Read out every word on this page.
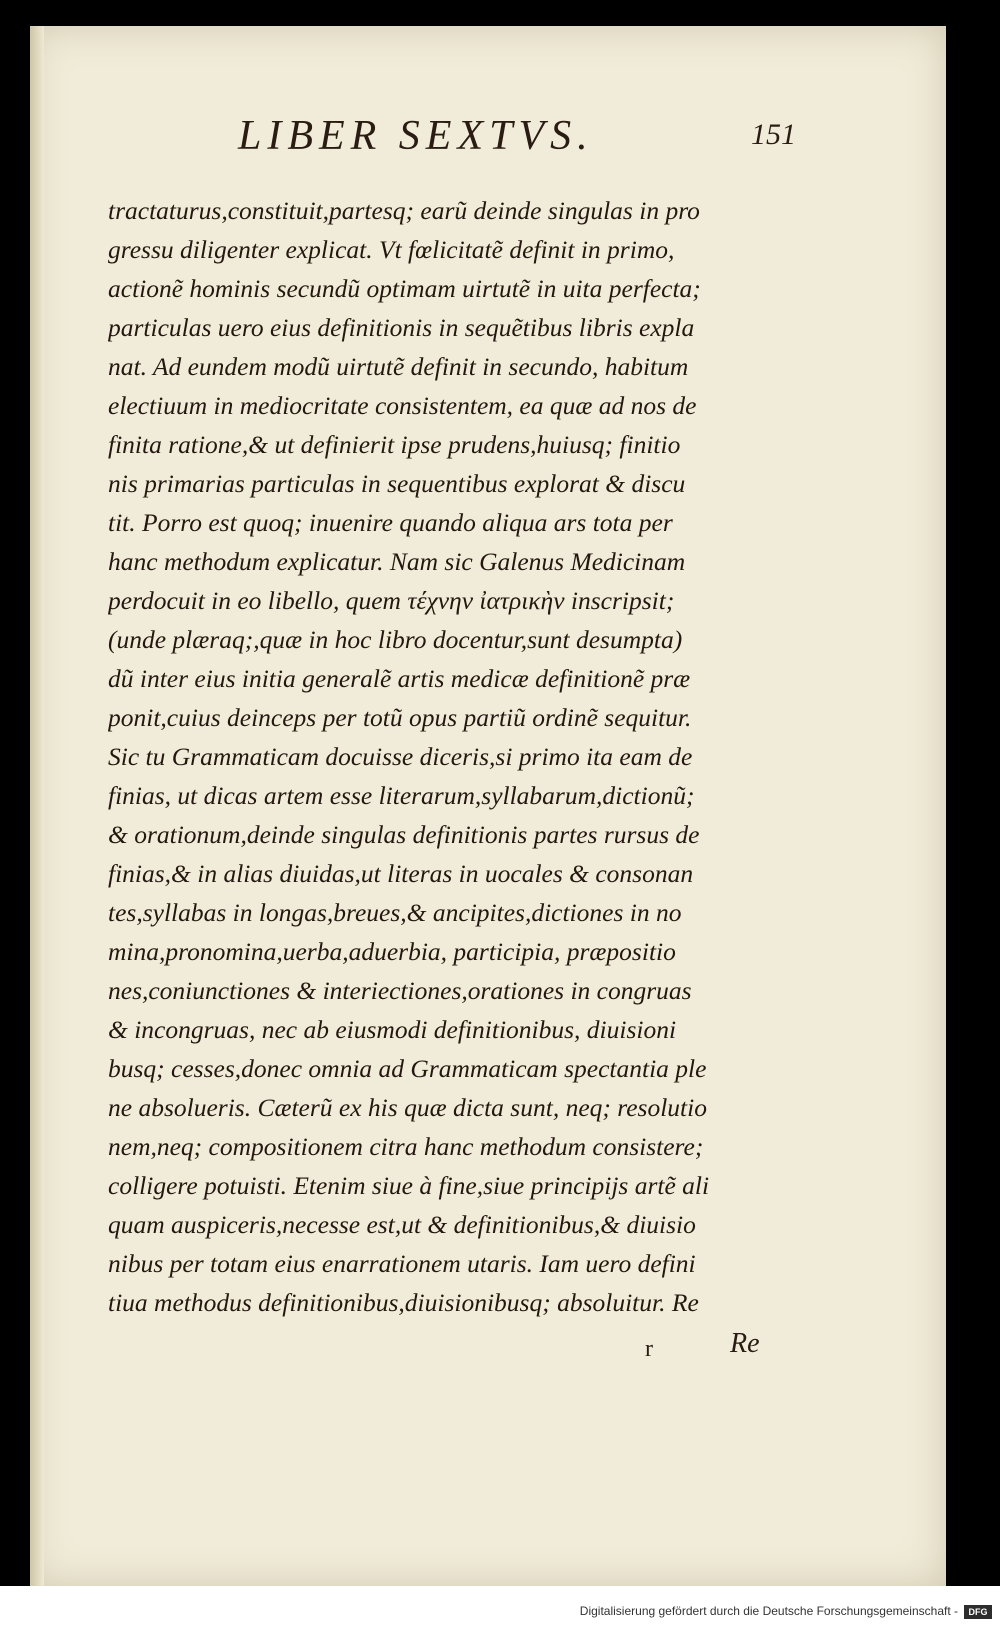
LIBER SEXTVS.	151
tractaturus,constituit,partesq; earũ deinde singulas in pro
gressu diligenter explicat. Vt fœlicitatẽ definit in primo,
actionẽ hominis secundũ optimam uirtutẽ in uita perfecta;
particulas uero eius definitionis in sequẽtibus libris expla
nat. Ad eundem modũ uirtutẽ definit in secundo, habitum
electiuum in mediocritate consistentem, ea quæ ad nos de
finita ratione,& ut definierit ipse prudens,huiusq; finitio
nis primarias particulas in sequentibus explorat & discu
tit. Porro est quoq; inuenire quando aliqua ars tota per
hanc methodum explicatur. Nam sic Galenus Medicinam
perdocuit in eo libello, quem τέχνην ἰατρικὴν inscripsit;
(unde plæraq;,quæ in hoc libro docentur,sunt desumpta)
dũ inter eius initia generalẽ artis medicæ definitionẽ præ
ponit,cuius deinceps per totũ opus partiũ ordinẽ sequitur.
Sic tu Grammaticam docuisse diceris,si primo ita eam de
finias, ut dicas artem esse literarum,syllabarum,dictionũ;
& orationum,deinde singulas definitionis partes rursus de
finias,& in alias diuidas,ut literas in uocales & consonan
tes,syllabas in longas,breues,& ancipites,dictiones in no
mina,pronomina,uerba,aduerbia, participia, præpositio
nes,coniunctiones & interiectiones,orationes in congruas
& incongruas, nec ab eiusmodi definitionibus, diuisioni
busq; cesses,donec omnia ad Grammaticam spectantia ple
ne absolueris. Cæterũ ex his quæ dicta sunt, neq; resolutio
nem,neq; compositionem citra hanc methodum consistere;
colligere potuisti. Etenim siue à fine,siue principijs artẽ ali
quam auspiceris,necesse est,ut & definitionibus,& diuisio
nibus per totam eius enarrationem utaris. Iam uero defini
tiua methodus definitionibus,diuisionibusq; absoluitur. Re
r	Re
Digitalisierung gefördert durch die Deutsche Forschungsgemeinschaft -	DFG
